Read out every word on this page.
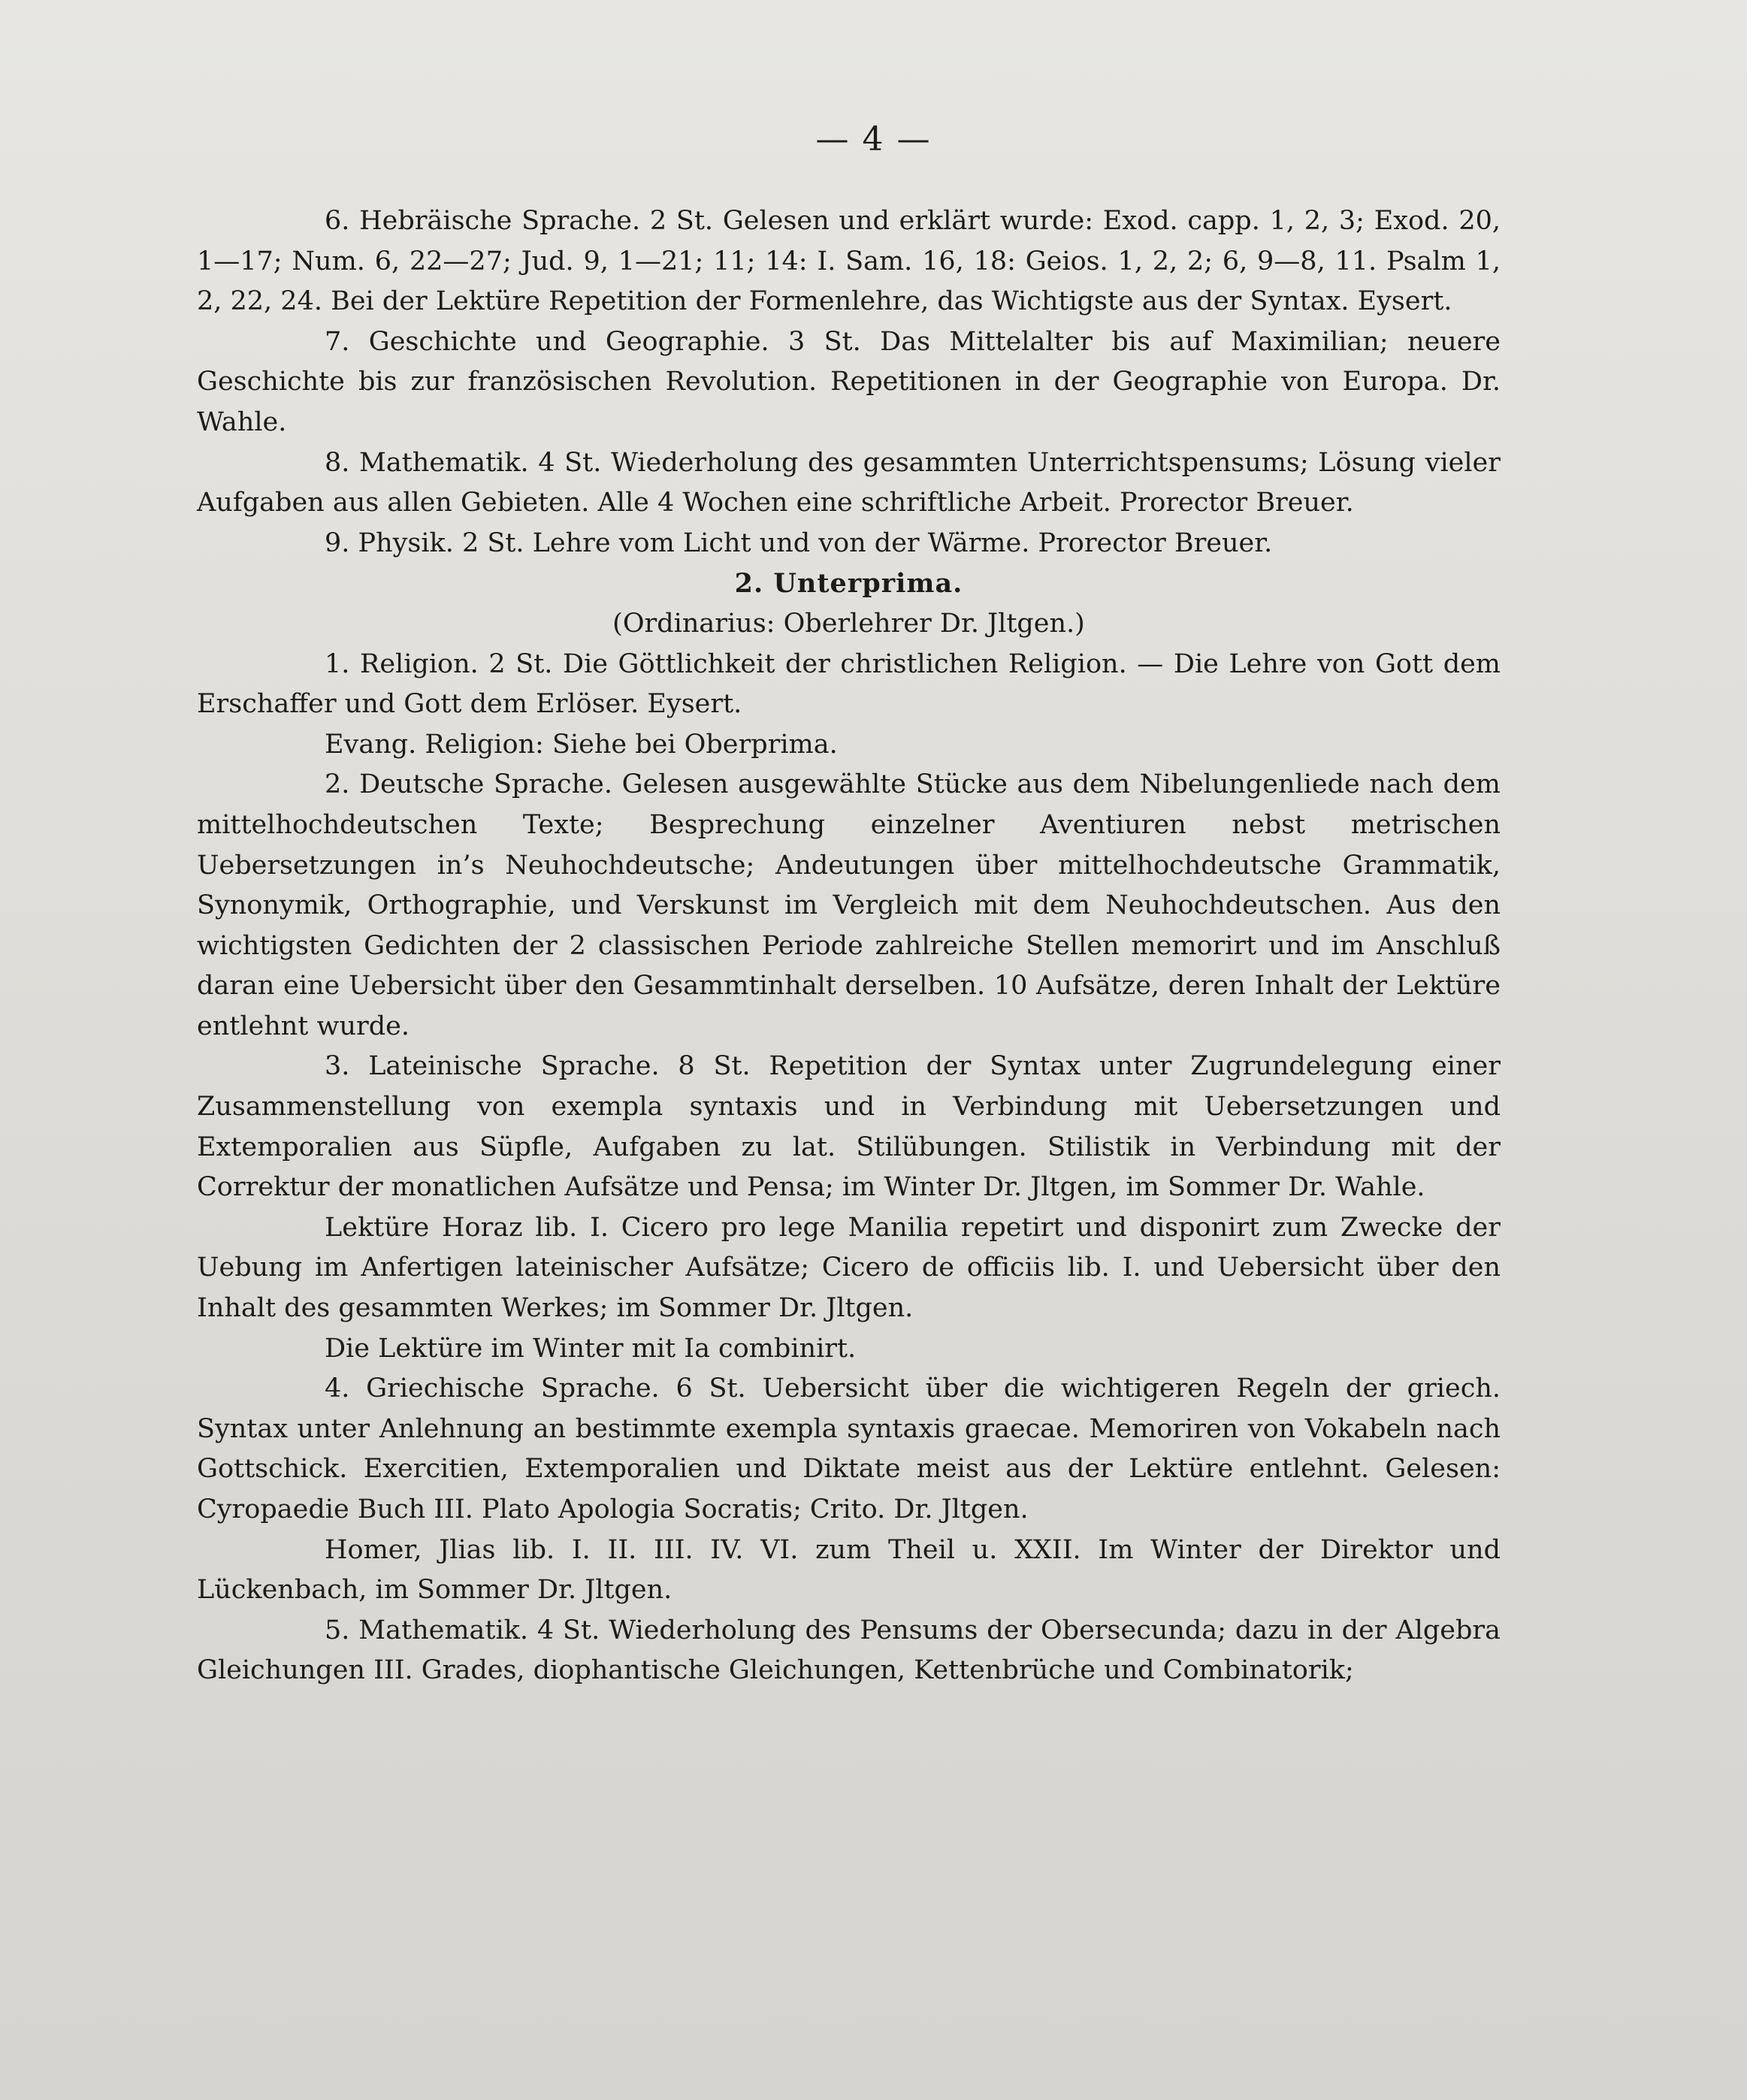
— 4 —

6. Hebräische Sprache. 2 St. Gelesen und erklärt wurde: Exod. capp. 1, 2, 3; Exod. 20, 1—17; Num. 6, 22—27; Jud. 9, 1—21; 11; 14: I. Sam. 16, 18: Geios. 1, 2, 2; 6, 9—8, 11. Psalm 1, 2, 22, 24. Bei der Lektüre Repetition der Formenlehre, das Wichtigste aus der Syntax. Eysert.

7. Geschichte und Geographie. 3 St. Das Mittelalter bis auf Maximilian; neuere Geschichte bis zur französischen Revolution. Repetitionen in der Geographie von Europa. Dr. Wahle.

8. Mathematik. 4 St. Wiederholung des gesammten Unterrichtspensums; Lösung vieler Aufgaben aus allen Gebieten. Alle 4 Wochen eine schriftliche Arbeit. Prorector Breuer.

9. Physik. 2 St. Lehre vom Licht und von der Wärme. Prorector Breuer.

2. Unterprima.

(Ordinarius: Oberlehrer Dr. Jltgen.)

1. Religion. 2 St. Die Göttlichkeit der christlichen Religion. — Die Lehre von Gott dem Erschaffer und Gott dem Erlöser. Eysert.

Evang. Religion: Siehe bei Oberprima.

2. Deutsche Sprache. Gelesen ausgewählte Stücke aus dem Nibelungenliede nach dem mittelhochdeutschen Texte; Besprechung einzelner Aventiuren nebst metrischen Uebersetzungen in’s Neuhochdeutsche; Andeutungen über mittelhochdeutsche Grammatik, Synonymik, Orthographie, und Verskunst im Vergleich mit dem Neuhochdeutschen. Aus den wichtigsten Gedichten der 2 classischen Periode zahlreiche Stellen memorirt und im Anschluß daran eine Uebersicht über den Gesammtinhalt derselben. 10 Aufsätze, deren Inhalt der Lektüre entlehnt wurde.

3. Lateinische Sprache. 8 St. Repetition der Syntax unter Zugrundelegung einer Zusammenstellung von exempla syntaxis und in Verbindung mit Uebersetzungen und Extemporalien aus Süpfle, Aufgaben zu lat. Stilübungen. Stilistik in Verbindung mit der Correktur der monatlichen Aufsätze und Pensa; im Winter Dr. Jltgen, im Sommer Dr. Wahle.

Lektüre Horaz lib. I. Cicero pro lege Manilia repetirt und disponirt zum Zwecke der Uebung im Anfertigen lateinischer Aufsätze; Cicero de officiis lib. I. und Uebersicht über den Inhalt des gesammten Werkes; im Sommer Dr. Jltgen.

Die Lektüre im Winter mit Ia combinirt.

4. Griechische Sprache. 6 St. Uebersicht über die wichtigeren Regeln der griech. Syntax unter Anlehnung an bestimmte exempla syntaxis graecae. Memoriren von Vokabeln nach Gottschick. Exercitien, Extemporalien und Diktate meist aus der Lektüre entlehnt. Gelesen: Cyropaedie Buch III. Plato Apologia Socratis; Crito. Dr. Jltgen.

Homer, Jlias lib. I. II. III. IV. VI. zum Theil u. XXII. Im Winter der Direktor und Lückenbach, im Sommer Dr. Jltgen.

5. Mathematik. 4 St. Wiederholung des Pensums der Obersecunda; dazu in der Algebra Gleichungen III. Grades, diophantische Gleichungen, Kettenbrüche und Combinatorik;
